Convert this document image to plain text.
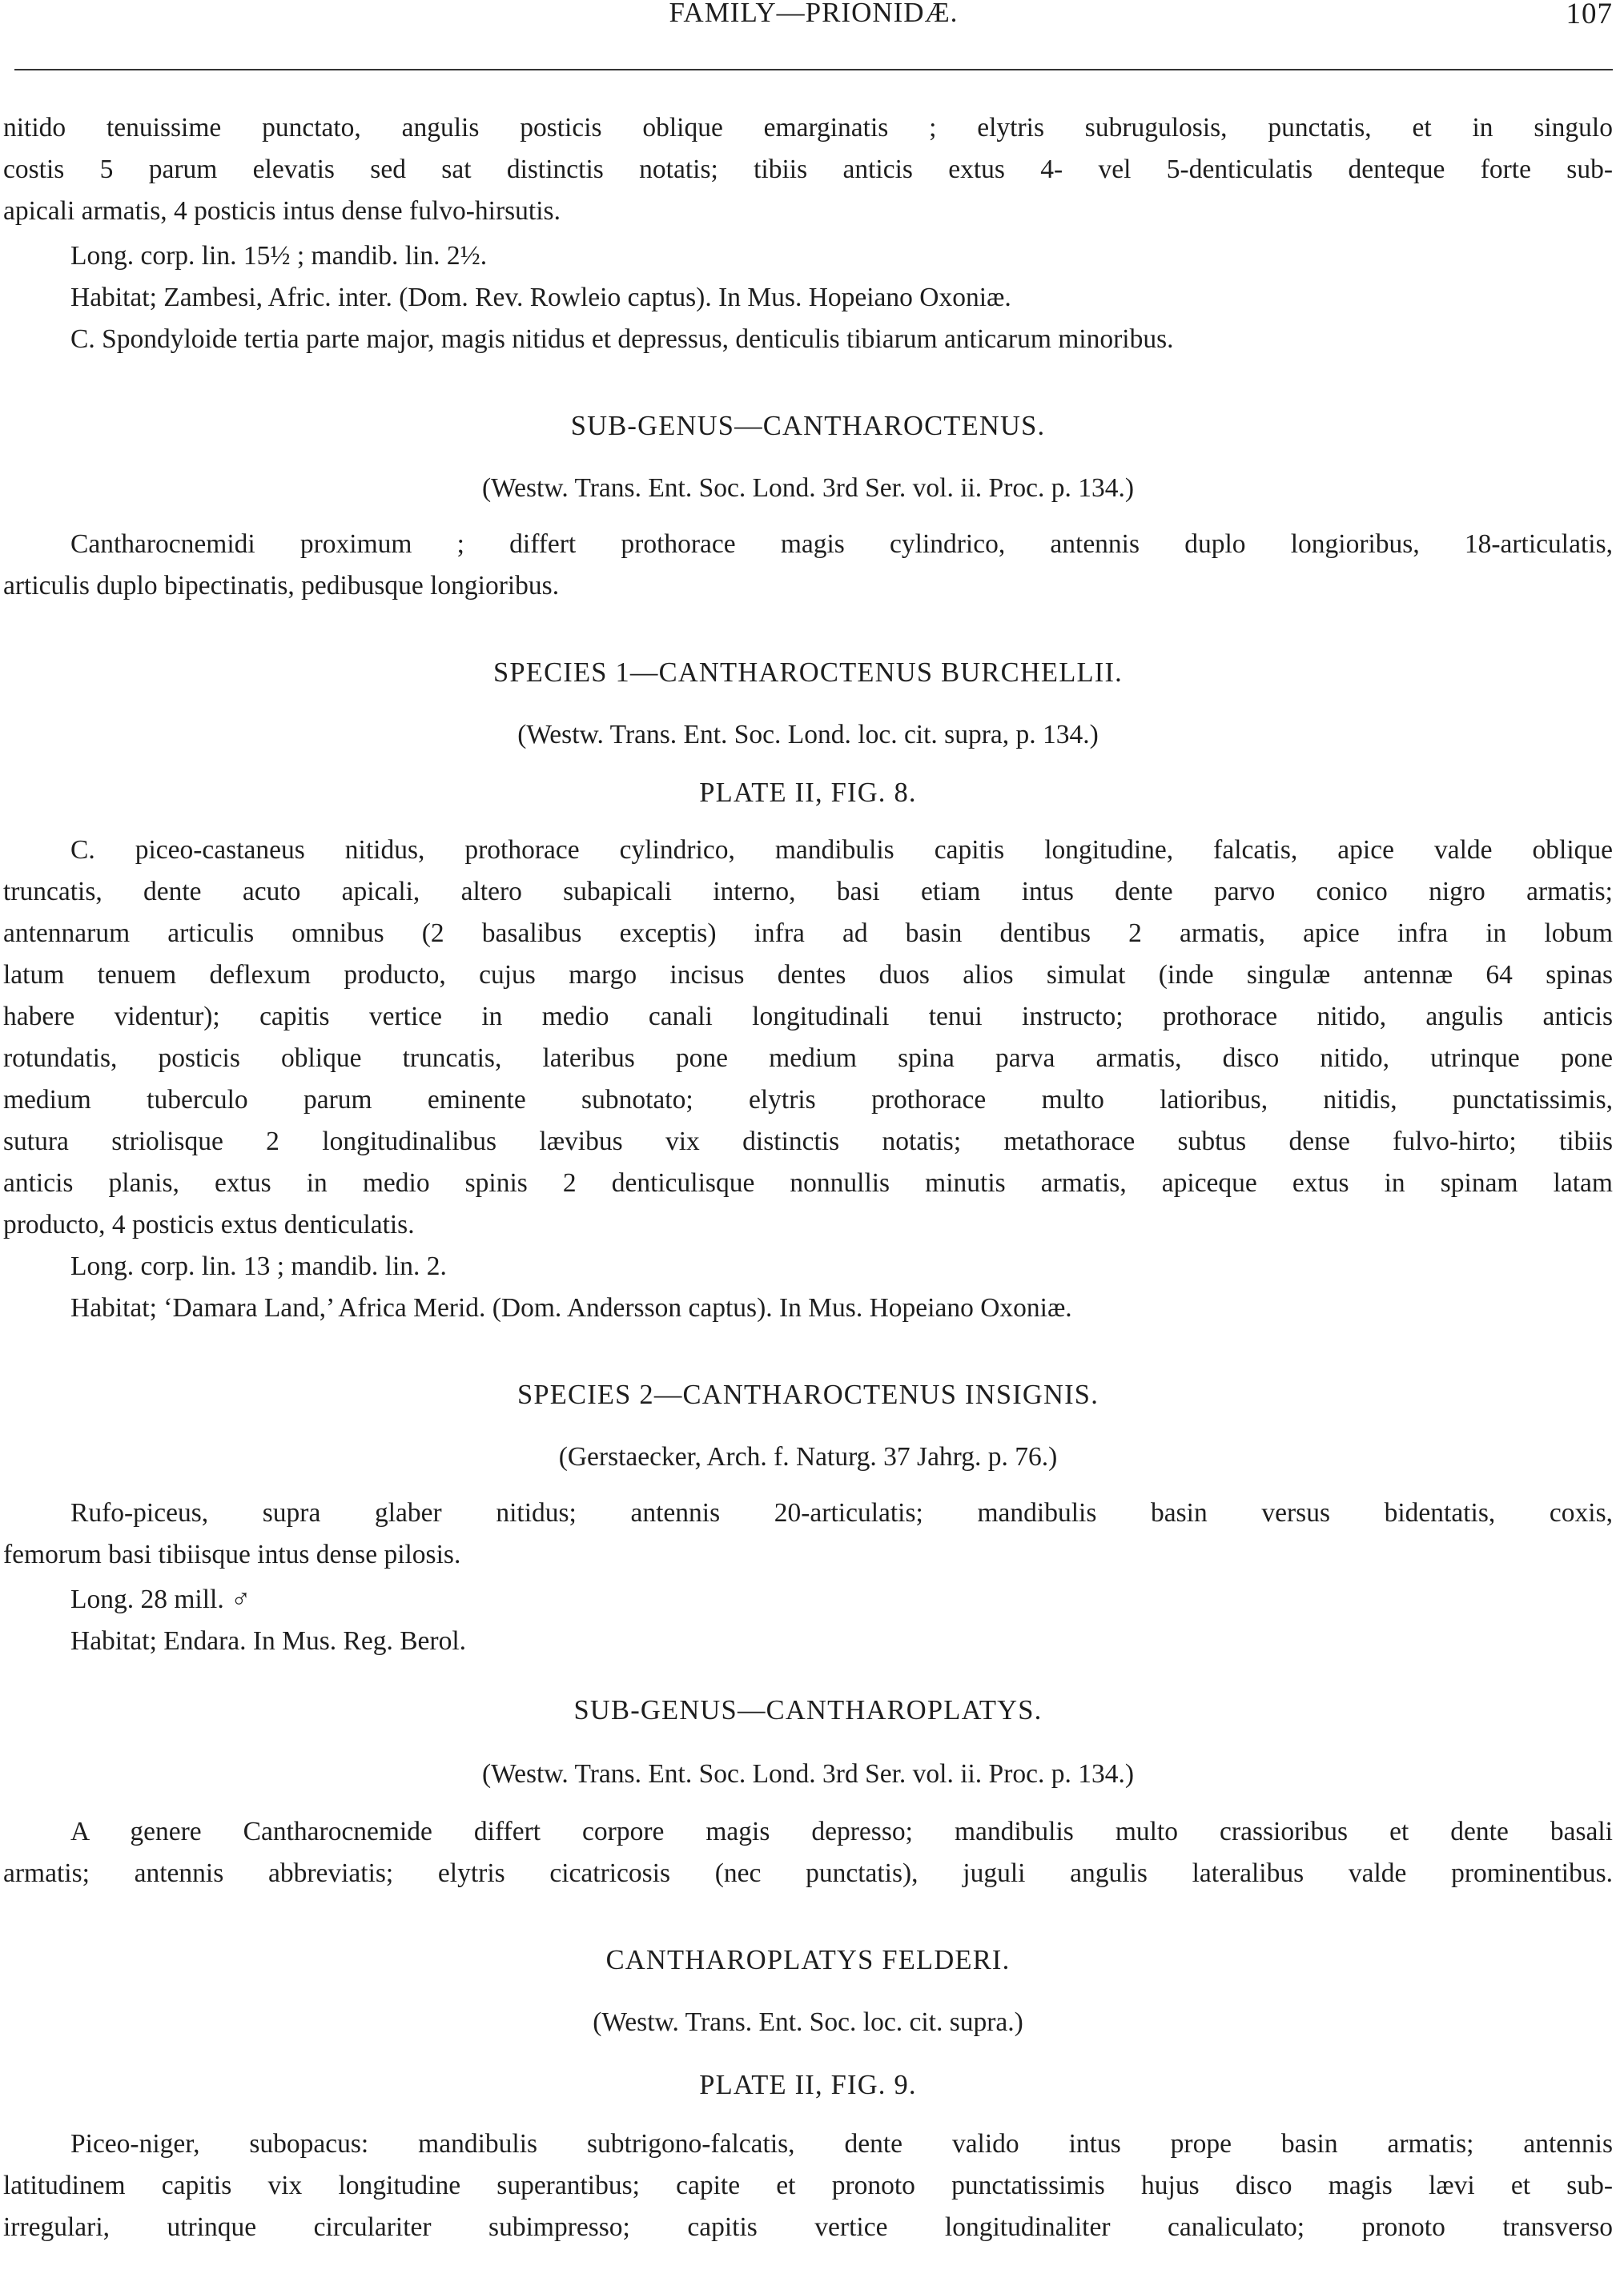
FAMILY—PRIONIDÆ.	107
nitido tenuissime punctato, angulis posticis oblique emarginatis ; elytris subrugulosis, punctatis, et in singulo
costis 5 parum elevatis sed sat distinctis notatis; tibiis anticis extus 4- vel 5-denticulatis denteque forte sub-
apicali armatis, 4 posticis intus dense fulvo-hirsutis.
Long. corp. lin. 15½ ; mandib. lin. 2½.
Habitat; Zambesi, Afric. inter. (Dom. Rev. Rowleio captus). In Mus. Hopeiano Oxoniæ.
C. Spondyloide tertia parte major, magis nitidus et depressus, denticulis tibiarum anticarum minoribus.
SUB-GENUS—CANTHAROCTENUS.
(Westw. Trans. Ent. Soc. Lond. 3rd Ser. vol. ii. Proc. p. 134.)
Cantharocnemidi proximum ; differt prothorace magis cylindrico, antennis duplo longioribus, 18-articulatis,
articulis duplo bipectinatis, pedibusque longioribus.
SPECIES 1—CANTHAROCTENUS BURCHELLII.
(Westw. Trans. Ent. Soc. Lond. loc. cit. supra, p. 134.)
PLATE II, FIG. 8.
C. piceo-castaneus nitidus, prothorace cylindrico, mandibulis capitis longitudine, falcatis, apice valde oblique
truncatis, dente acuto apicali, altero subapicali interno, basi etiam intus dente parvo conico nigro armatis;
antennarum articulis omnibus (2 basalibus exceptis) infra ad basin dentibus 2 armatis, apice infra in lobum
latum tenuem deflexum producto, cujus margo incisus dentes duos alios simulat (inde singulæ antennæ 64 spinas
habere videntur); capitis vertice in medio canali longitudinali tenui instructo; prothorace nitido, angulis anticis
rotundatis, posticis oblique truncatis, lateribus pone medium spina parva armatis, disco nitido, utrinque pone
medium tuberculo parum eminente subnotato; elytris prothorace multo latioribus, nitidis, punctatissimis,
sutura striolisque 2 longitudinalibus lævibus vix distinctis notatis; metathorace subtus dense fulvo-hirto; tibiis
anticis planis, extus in medio spinis 2 denticulisque nonnullis minutis armatis, apiceque extus in spinam latam
producto, 4 posticis extus denticulatis.
Long. corp. lin. 13 ; mandib. lin. 2.
Habitat; ‘Damara Land,’ Africa Merid. (Dom. Andersson captus). In Mus. Hopeiano Oxoniæ.
SPECIES 2—CANTHAROCTENUS INSIGNIS.
(Gerstaecker, Arch. f. Naturg. 37 Jahrg. p. 76.)
Rufo-piceus, supra glaber nitidus; antennis 20-articulatis; mandibulis basin versus bidentatis, coxis,
femorum basi tibiisque intus dense pilosis.
Long. 28 mill. ♂
Habitat; Endara. In Mus. Reg. Berol.
SUB-GENUS—CANTHAROPLATYS.
(Westw. Trans. Ent. Soc. Lond. 3rd Ser. vol. ii. Proc. p. 134.)
A genere Cantharocnemide differt corpore magis depresso; mandibulis multo crassioribus et dente basali
armatis; antennis abbreviatis; elytris cicatricosis (nec punctatis), juguli angulis lateralibus valde prominentibus.
CANTHAROPLATYS FELDERI.
(Westw. Trans. Ent. Soc. loc. cit. supra.)
PLATE II, FIG. 9.
Piceo-niger, subopacus: mandibulis subtrigono-falcatis, dente valido intus prope basin armatis; antennis
latitudinem capitis vix longitudine superantibus; capite et pronoto punctatissimis hujus disco magis lævi et sub-
irregulari, utrinque circulariter subimpresso; capitis vertice longitudinaliter canaliculato; pronoto transverso
